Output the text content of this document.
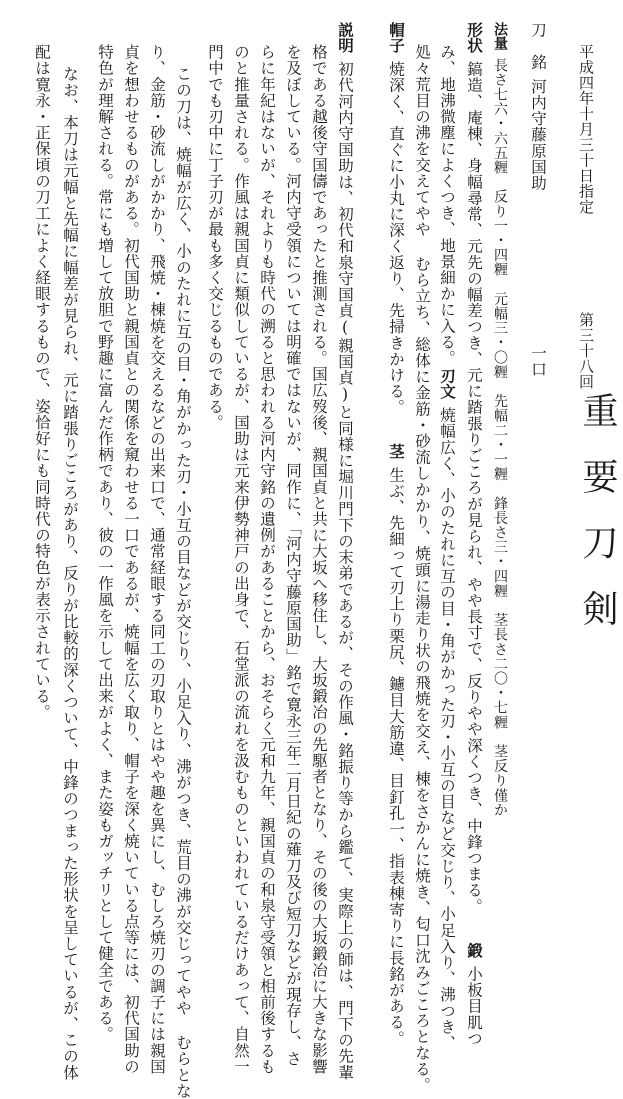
平成四年十月三十日指定
第三十八回
重要刀剣
刀銘河内守藤原国助
一口
法量長さ七六・六五糎　反り一・四糎　元幅三・〇糎　先幅二・一糎　鋒長さ三・四糎　茎長さ二〇・七糎　茎反り僅か
形状鎬造、庵棟、身幅尋常、元先の幅差つき、元に踏張りごころが見られ、やや長寸で、反りやや深くつき、中鋒つまる。鍛小板目肌つ
み、地沸微塵によくつき、地景細かに入る。
刃文焼幅広く、小のたれに互の目・角がかった刃・小互の目など交じり、小足入り、沸つき、
処々荒目の沸を交えてやや むら立ち、総体に金筋・砂流しかかり、焼頭に湯走り状の飛焼を交え、棟をさかんに焼き、匂口沈みごころとなる。
帽子焼深く、直ぐに小丸に深く返り、先掃きかける。茎生ぶ、先細って刃上り栗尻、鑢目大筋違、目釘孔一、指表棟寄りに長銘がある。
説明初代河内守国助は、初代和泉守国貞(親国貞)と同様に堀川門下の末弟であるが、その作風・銘振り等から鑑て、実際上の師は、門下の先輩
格である越後守国儔であったと推測される。国広歿後、親国貞と共に大坂へ移住し、大坂鍛冶の先駆者となり、その後の大坂鍛冶に大きな影響
を及ぼしている。河内守受領については明確ではないが、同作に、「河内守藤原国助」銘で寛永三年二月日紀の薙刀及び短刀などが現存し、さ
らに年紀はないが、それよりも時代の溯ると思われる河内守銘の遺例があることから、おそらく元和九年、親国貞の和泉守受領と相前後するも
のと推量される。作風は親国貞に類似しているが、国助は元来伊勢神戸の出身で、石堂派の流れを汲むものといわれているだけあって、自然一
門中でも刃中に丁子刃が最も多く交じるものである。
この刀は、焼幅が広く、小のたれに互の目・角がかった刃・小互の目などが交じり、小足入り、沸がつき、荒目の沸が交じってやや むらとな
り、金筋・砂流しがかかり、飛焼・棟焼を交えるなどの出来口で、通常経眼する同工の刃取りとはやや趣を異にし、むしろ焼刃の調子には親国
貞を想わせるものがある。初代国助と親国貞との関係を窺わせる一口であるが、焼幅を広く取り、帽子を深く焼いている点等には、初代国助の
特色が理解される。常にも増して放胆で野趣に富んだ作柄であり、彼の一作風を示して出来がよく、また姿もガッチリとして健全である。
なお、本刀は元幅と先幅に幅差が見られ、元に踏張りごころがあり、反りが比較的深くついて、中鋒のつまった形状を呈しているが、この体
配は寛永・正保頃の刀工によく経眼するもので、姿恰好にも同時代の特色が表示されている。
